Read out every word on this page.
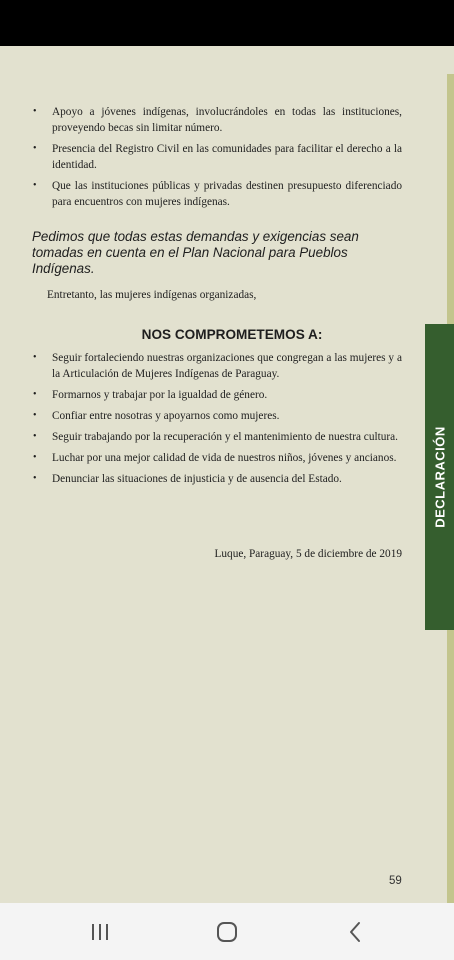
DECLARACIÓN
• Apoyo a jóvenes indígenas, involucrándoles en todas las instituciones, proveyendo becas sin limitar número.
• Presencia del Registro Civil en las comunidades para facilitar el derecho a la identidad.
• Que las instituciones públicas y privadas destinen presupuesto diferenciado para encuentros con mujeres indígenas.

Pedimos que todas estas demandas y exigencias sean tomadas en cuenta en el Plan Nacional para Pueblos Indígenas.

Entretanto, las mujeres indígenas organizadas,

NOS COMPROMETEMOS A:
• Seguir fortaleciendo nuestras organizaciones que congregan a las mujeres y a la Articulación de Mujeres Indígenas de Paraguay.
• Formarnos y trabajar por la igualdad de género.
• Confiar entre nosotras y apoyarnos como mujeres.
• Seguir trabajando por la recuperación y el mantenimiento de nuestra cultura.
• Luchar por una mejor calidad de vida de nuestros niños, jóvenes y ancianos.
• Denunciar las situaciones de injusticia y de ausencia del Estado.

Luque, Paraguay, 5 de diciembre de 2019

59
